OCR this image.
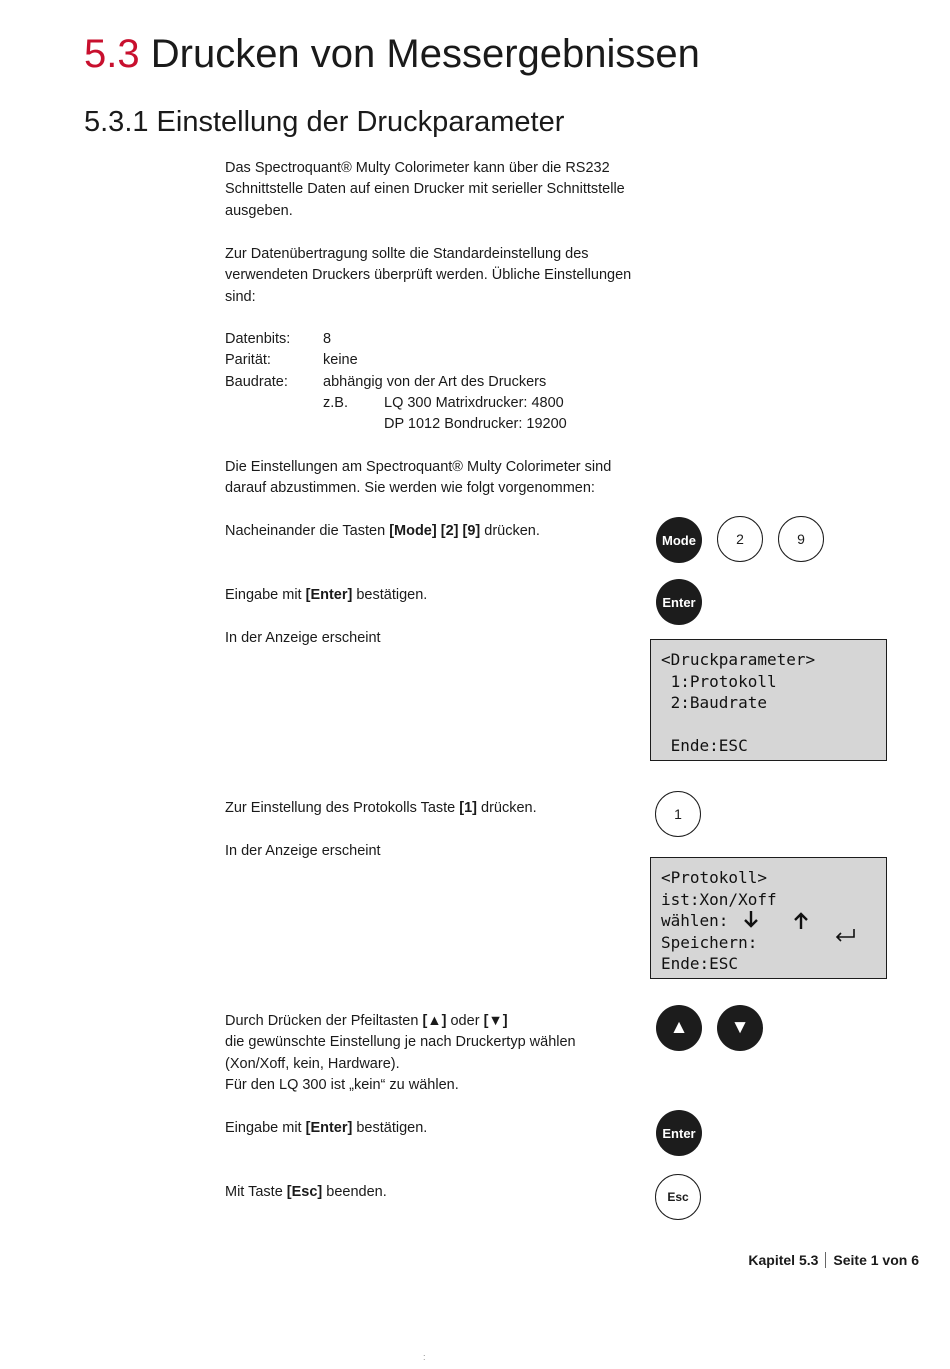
5.3 Drucken von Messergebnissen
5.3.1 Einstellung der Druckparameter
Das Spectroquant® Multy Colorimeter kann über die RS232
Schnittstelle Daten auf einen Drucker mit serieller Schnittstelle
ausgeben.
Zur Datenübertragung sollte die Standardeinstellung des
verwendeten Druckers überprüft werden. Übliche Einstellungen
sind:
Datenbits: 8
Parität:	keine
Baudrate: abhängig von der Art des Druckers
z.B. LQ 300 Matrixdrucker: 4800
DP 1012 Bondrucker: 19200
Die Einstellungen am Spectroquant® Multy Colorimeter sind
darauf abzustimmen. Sie werden wie folgt vorgenommen:
Nacheinander die Tasten [Mode] [2] [9] drücken.
Eingabe mit [Enter] bestätigen.
In der Anzeige erscheint
Zur Einstellung des Protokolls Taste [1] drücken.
In der Anzeige erscheint
Durch Drücken der Pfeiltasten [▲] oder [▼]
die gewünschte Einstellung je nach Druckertyp wählen
(Xon/Xoff, kein, Hardware).
Für den LQ 300 ist „kein“ zu wählen.
Eingabe mit [Enter] bestätigen.
Mit Taste [Esc] beenden.
Mode	2	9
Enter
<Druckparameter>
1:Protokoll
2:Baudrate

Ende:ESC
1
<Protokoll>
ist:Xon/Xoff
wählen:
Speichern:
Ende:ESC

▲	▼
Enter
Esc
Kapitel 5.3 Seite 1 von 6
:
